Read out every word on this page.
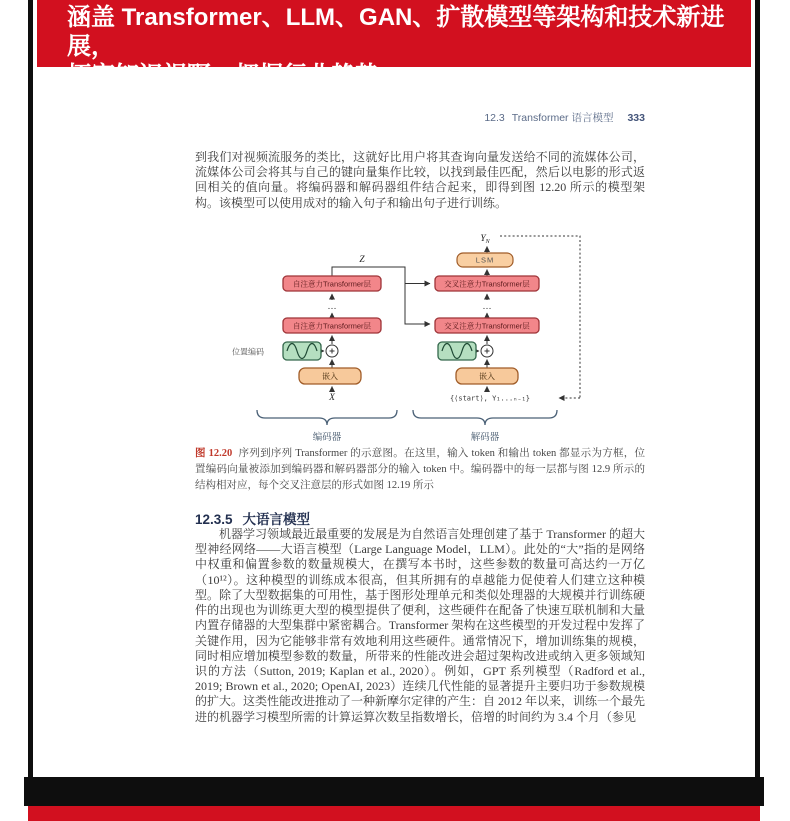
涵盖 Transformer、LLM、GAN、扩散模型等架构和技术新进展，
12.3 Transformer 语言模型 333

到我们对视频流服务的类比，这就好比用户将其查询向量发送给不同的流媒体公司，流媒体公司会将其与自己的键向量集作比较，以找到最佳匹配，然后以电影的形式返回相关的值向量。将编码器和解码器组件结合起来，即得到图 12.20 所示的模型架构。该模型可以使用成对的输入句子和输出句子进行训练。

…	…
自注意力Transformer层
自注意力Transformer层
交叉注意力Transformer层
交叉注意力Transformer层
LSM
嵌入	嵌入
位置编码
X
Z
$Y_N$
{⟨start⟩, Y₁...ₙ₋₁}
编码器	解码器

图 12.20 序列到序列 Transformer 的示意图。在这里，输入 token 和输出 token 都显示为方框，位置编码向量被添加到编码器和解码器部分的输入 token 中。编码器中的每一层都与图 12.9 所示的结构相对应，每个交叉注意层的形式如图 12.19 所示

12.3.5 大语言模型

机器学习领域最近最重要的发展是为自然语言处理创建了基于 Transformer 的超大型神经网络——大语言模型（Large Language Model，LLM）。此处的“大”指的是网络中权重和偏置参数的数量规模大，在撰写本书时，这些参数的数量可高达约一万亿（10¹²）。这种模型的训练成本很高，但其所拥有的卓越能力促使着人们建立这种模型。 除了大型数据集的可用性，基于图形处理单元和类似处理器的大规模并行训练硬件的出现也为训练更大型的模型提供了便利，这些硬件在配备了快速互联机制和大量内置存储器的大型集群中紧密耦合。Transformer 架构在这些模型的开发过程中发挥了关键作用，因为它能够非常有效地利用这些硬件。通常情况下，增加训练集的规模，同时相应增加模型参数的数量，所带来的性能改进会超过架构改进或纳入更多领域知识的方法（Sutton, 2019; Kaplan et al., 2020）。例如，GPT 系列模型（Radford et al., 2019; Brown et al., 2020; OpenAI, 2023）连续几代性能的显著提升主要归功于参数规模的扩大。这类性能改进推动了一种新摩尔定律的产生：自 2012 年以来，训练一个最先进的机器学习模型所需的计算运算次数呈指数增长，倍增的时间约为 3.4 个月（参见
